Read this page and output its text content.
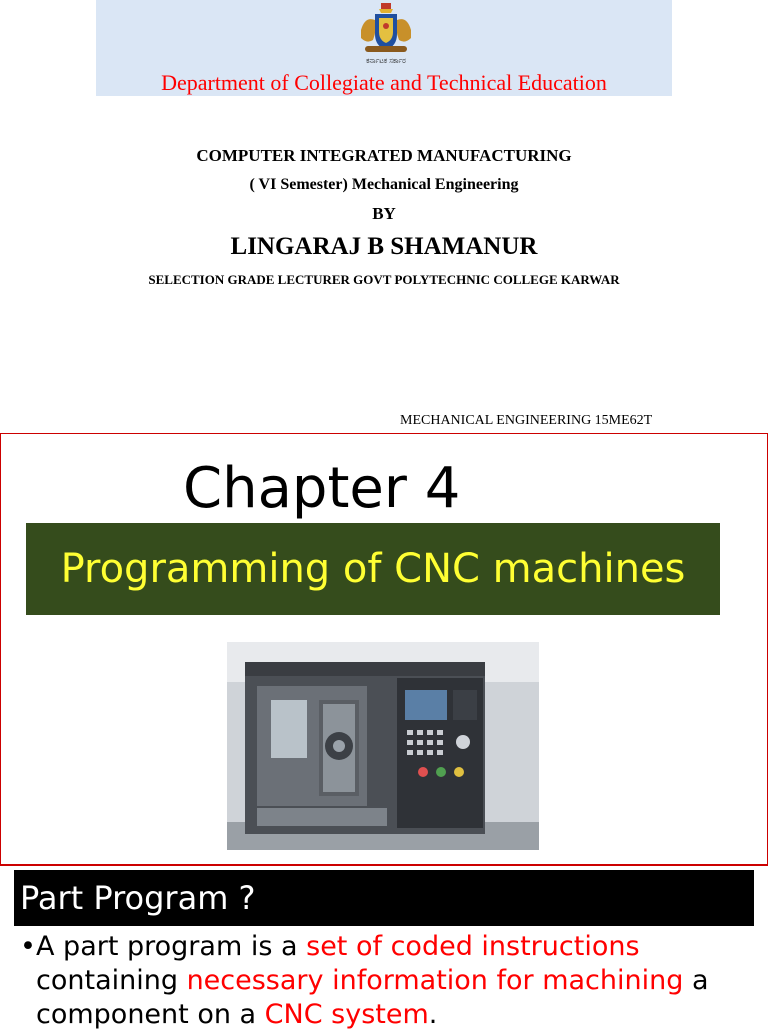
ಕರ್ನಾಟಕ ಸರ್ಕಾರ
Department of Collegiate and Technical Education
COMPUTER INTEGRATED MANUFACTURING
( VI Semester) Mechanical Engineering
BY
LINGARAJ B SHAMANUR
SELECTION GRADE LECTURER GOVT POLYTECHNIC COLLEGE KARWAR
MECHANICAL ENGINEERING 15ME62T
Chapter 4
Programming of CNC machines
Part Program ?
• A part program is a set of coded instructions containing necessary information for machining a component on a CNC system.
